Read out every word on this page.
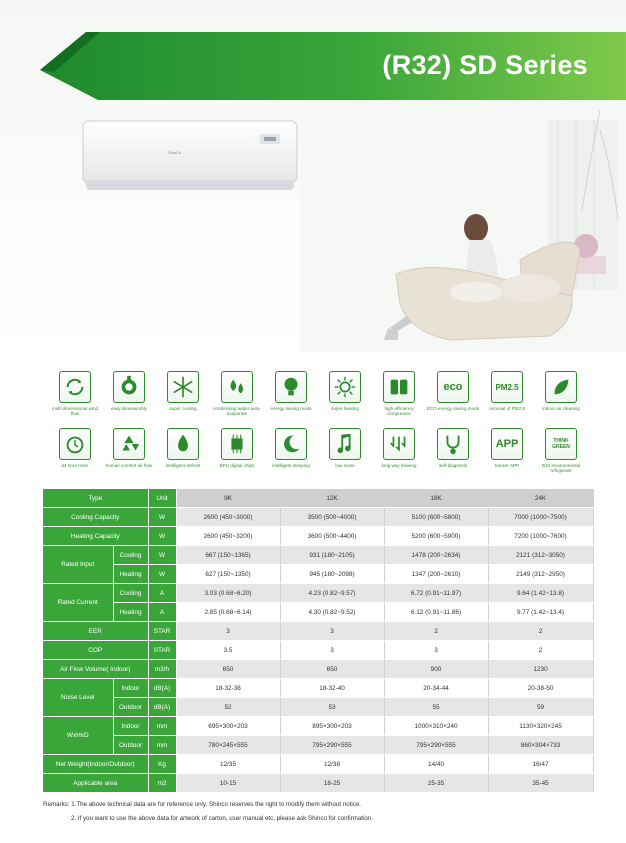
(R32) SD Series
ShinCo
multi dimensional wind flow
easy disassembly	super cooling	condensing water auto-evaporate
energy saving mode	super heating	high efficiency compressor
eco
ECO energy saving mode
PM2.5
removal of PM2.5	indoor air cleaning
24 hour timer	human comfort air flow	intelligent defrost	BPU digital chips	intelligent sleeping	low noise	long way blowing	self-diagnosis
APP
tracker APP
THINK GREEN
R32 environmental refrigerant
Type		Unit	9K	12K	18K	24K
Cooling Capacity		W	2600 (450~3000)	3500 (500~4000)	5100 (600~5800)	7000 (1000~7500)
Heating Capacity		W	2600 (450~3200)	3600 (500~4400)	5200 (600~5900)	7200 (1000~7600)
Rated Input	Cooling	W	667 (150~1365)	931 (180~2105)	1478 (200~2634)	2121 (312~3050)
	Heating	W	627 (150~1350)	945 (180~2098)	1347 (200~2610)	2149 (312~2950)
Rated Current	Cooling	A	3.03 (0.68~6.20)	4.23 (0.82~9.57)	6.72 (0.91~11.97)	9.64 (1.42~13.8)
	Heating	A	2.85 (0.68~6.14)	4.30 (0.82~9.52)	6.12 (0.91~11.86)	9.77 (1.42~13.4)
EER		STAR	3	3	2	2
COP		STAR	3.5	3	3	2
Air Flow Volume( Indoor)		m3/h	650	650	900	1230
Noise Level	Indoor	dB(A)	18-32-38	18-32-40	20-34-44	20-38-50
	Outdoor	dB(A)	52	53	55	59
WxHxD	Indoor	mm	695×300×203	895×300×203	1000×310×240	1130×320×245
	Outdoor	mm	780×245×555	795×290×555	795×290×555	860×304×733
Net Weight(Indoor/Outdoor)		Kg	12/35	12/38	14/40	16/47
Applicable area		m2	10-15	18-25	25-35	35-45
Remarks: 1.The above technical data are for reference only. Shinco reserves the right to modify them without notice.
2. If you want to use the above data for artwork of carton, user manual etc, please ask Shinco for confirmation.
